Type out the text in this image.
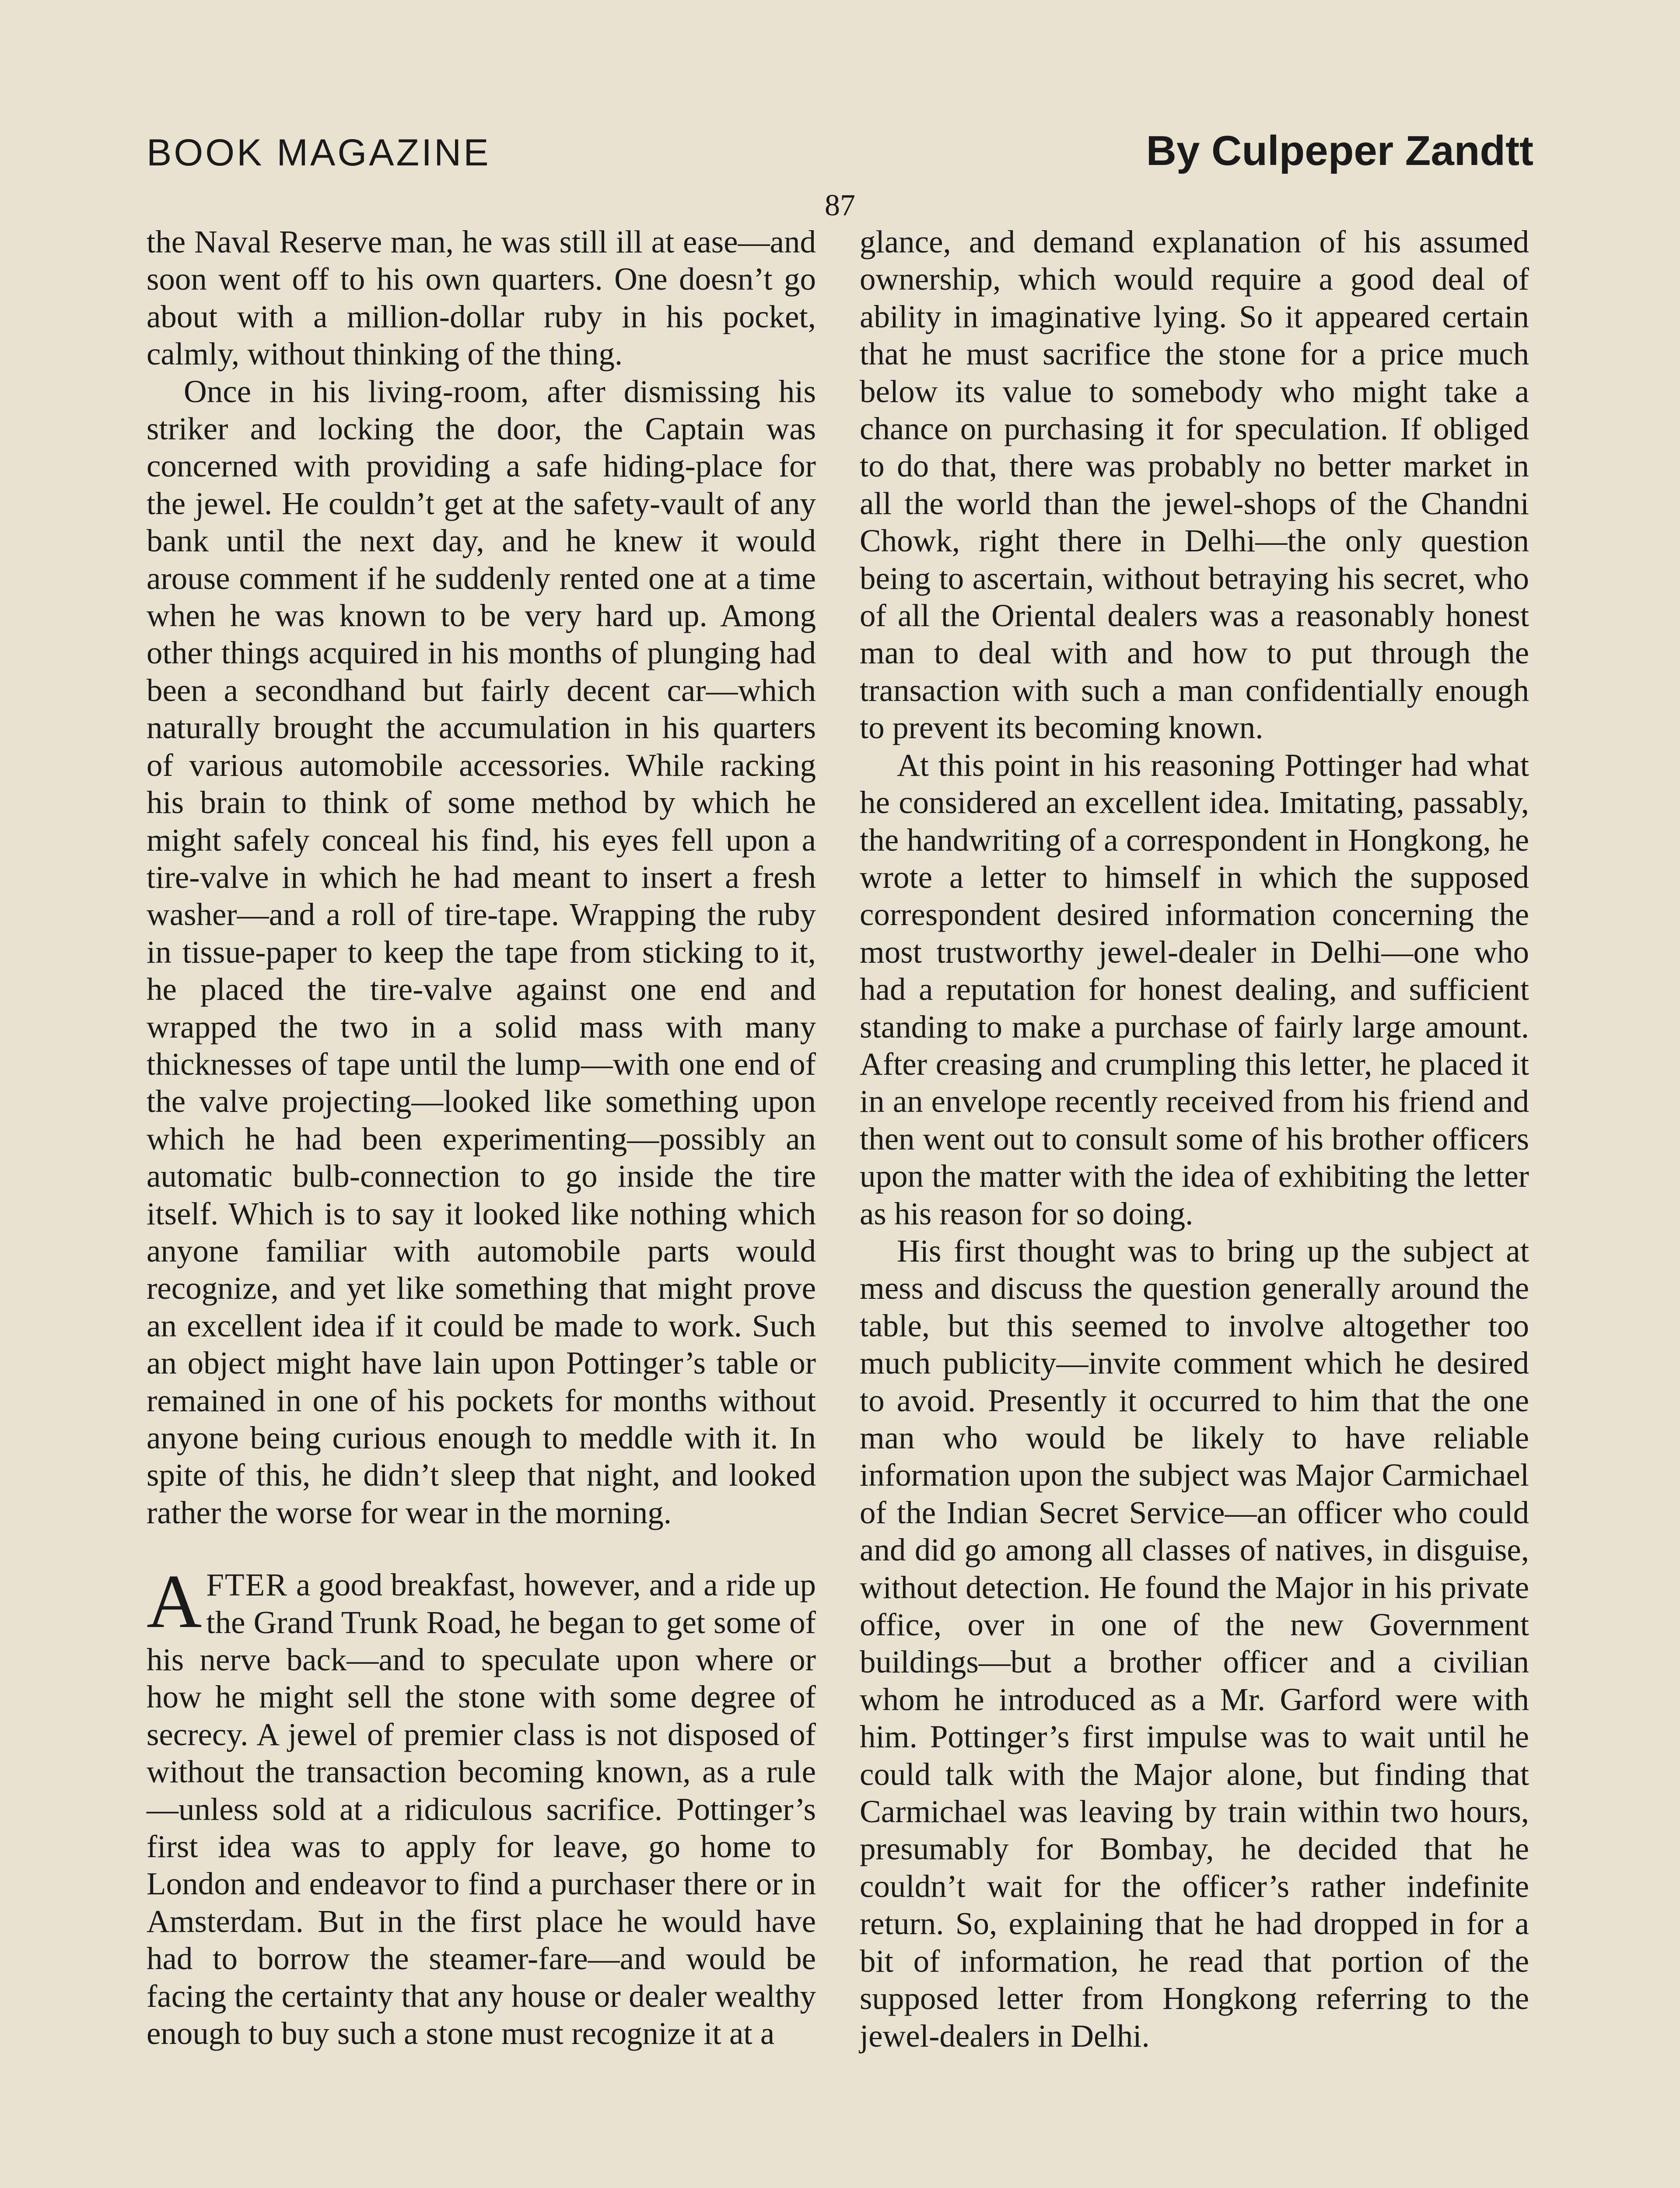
BOOK MAGAZINE	By Culpeper Zandtt
87

the Naval Reserve man, he was still ill at ease—and soon went off to his own quarters. One doesn’t go about with a million-dollar ruby in his pocket, calmly, without thinking of the thing.

Once in his living-room, after dismissing his striker and locking the door, the Captain was concerned with providing a safe hiding-place for the jewel. He couldn’t get at the safety-vault of any bank until the next day, and he knew it would arouse comment if he suddenly rented one at a time when he was known to be very hard up. Among other things acquired in his months of plunging had been a secondhand but fairly decent car—which naturally brought the accumulation in his quarters of various automobile accessories. While racking his brain to think of some method by which he might safely conceal his find, his eyes fell upon a tire-valve in which he had meant to insert a fresh washer—and a roll of tire-tape. Wrapping the ruby in tissue-paper to keep the tape from sticking to it, he placed the tire-valve against one end and wrapped the two in a solid mass with many thicknesses of tape until the lump—with one end of the valve projecting—looked like something upon which he had been experimenting—possibly an automatic bulb-connection to go inside the tire itself. Which is to say it looked like nothing which anyone familiar with automobile parts would recognize, and yet like something that might prove an excellent idea if it could be made to work. Such an object might have lain upon Pottinger’s table or remained in one of his pockets for months without anyone being curious enough to meddle with it. In spite of this, he didn’t sleep that night, and looked rather the worse for wear in the morning.

AFTER a good breakfast, however, and a ride up the Grand Trunk Road, he began to get some of his nerve back—and to speculate upon where or how he might sell the stone with some degree of secrecy. A jewel of premier class is not disposed of without the transaction becoming known, as a rule—unless sold at a ridiculous sacrifice. Pottinger’s first idea was to apply for leave, go home to London and endeavor to find a purchaser there or in Amsterdam. But in the first place he would have had to borrow the steamer-fare—and would be facing the certainty that any house or dealer wealthy enough to buy such a stone must recognize it at a

glance, and demand explanation of his assumed ownership, which would require a good deal of ability in imaginative lying. So it appeared certain that he must sacrifice the stone for a price much below its value to somebody who might take a chance on purchasing it for speculation. If obliged to do that, there was probably no better market in all the world than the jewel-shops of the Chandni Chowk, right there in Delhi—the only question being to ascertain, without betraying his secret, who of all the Oriental dealers was a reasonably honest man to deal with and how to put through the transaction with such a man confidentially enough to prevent its becoming known.

At this point in his reasoning Pottinger had what he considered an excellent idea. Imitating, passably, the handwriting of a correspondent in Hongkong, he wrote a letter to himself in which the supposed correspondent desired information concerning the most trustworthy jewel-dealer in Delhi—one who had a reputation for honest dealing, and sufficient standing to make a purchase of fairly large amount. After creasing and crumpling this letter, he placed it in an envelope recently received from his friend and then went out to consult some of his brother officers upon the matter with the idea of exhibiting the letter as his reason for so doing.

His first thought was to bring up the subject at mess and discuss the question generally around the table, but this seemed to involve altogether too much publicity—invite comment which he desired to avoid. Presently it occurred to him that the one man who would be likely to have reliable information upon the subject was Major Carmichael of the Indian Secret Service—an officer who could and did go among all classes of natives, in disguise, without detection. He found the Major in his private office, over in one of the new Government buildings—but a brother officer and a civilian whom he introduced as a Mr. Garford were with him. Pottinger’s first impulse was to wait until he could talk with the Major alone, but finding that Carmichael was leaving by train within two hours, presumably for Bombay, he decided that he couldn’t wait for the officer’s rather indefinite return. So, explaining that he had dropped in for a bit of information, he read that portion of the supposed letter from Hongkong referring to the jewel-dealers in Delhi.
